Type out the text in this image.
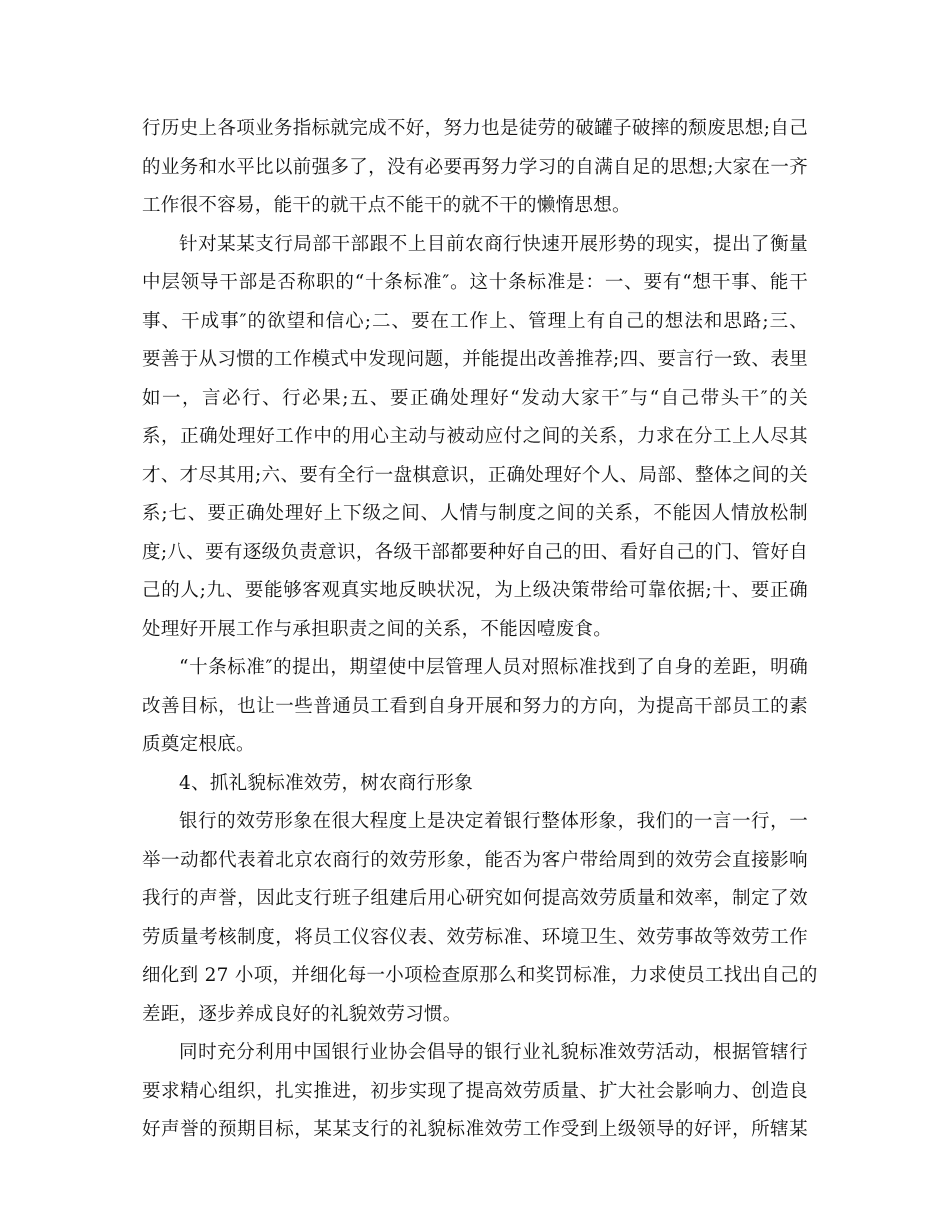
行历史上各项业务指标就完成不好，努力也是徒劳的破罐子破摔的颓废思想;自己
的业务和水平比以前强多了，没有必要再努力学习的自满自足的思想;大家在一齐
工作很不容易，能干的就干点不能干的就不干的懒惰思想。

针对某某支行局部干部跟不上目前农商行快速开展形势的现实，提出了衡量
中层领导干部是否称职的“十条标准″。这十条标准是：一、要有“想干事、能干
事、干成事″的欲望和信心;二、要在工作上、管理上有自己的想法和思路;三、
要善于从习惯的工作模式中发现问题，并能提出改善推荐;四、要言行一致、表里
如一，言必行、行必果;五、要正确处理好“发动大家干″与“自己带头干″的关
系，正确处理好工作中的用心主动与被动应付之间的关系，力求在分工上人尽其
才、才尽其用;六、要有全行一盘棋意识，正确处理好个人、局部、整体之间的关
系;七、要正确处理好上下级之间、人情与制度之间的关系，不能因人情放松制
度;八、要有逐级负责意识，各级干部都要种好自己的田、看好自己的门、管好自
己的人;九、要能够客观真实地反映状况，为上级决策带给可靠依据;十、要正确
处理好开展工作与承担职责之间的关系，不能因噎废食。

“十条标准″的提出，期望使中层管理人员对照标准找到了自身的差距，明确
改善目标，也让一些普通员工看到自身开展和努力的方向，为提高干部员工的素
质奠定根底。

4、抓礼貌标准效劳，树农商行形象

银行的效劳形象在很大程度上是决定着银行整体形象，我们的一言一行，一
举一动都代表着北京农商行的效劳形象，能否为客户带给周到的效劳会直接影响
我行的声誉，因此支行班子组建后用心研究如何提高效劳质量和效率，制定了效
劳质量考核制度，将员工仪容仪表、效劳标准、环境卫生、效劳事故等效劳工作
细化到 27 小项，并细化每一小项检查原那么和奖罚标准，力求使员工找出自己的
差距，逐步养成良好的礼貌效劳习惯。

同时充分利用中国银行业协会倡导的银行业礼貌标准效劳活动，根据管辖行
要求精心组织，扎实推进，初步实现了提高效劳质量、扩大社会影响力、创造良
好声誉的预期目标，某某支行的礼貌标准效劳工作受到上级领导的好评，所辖某
